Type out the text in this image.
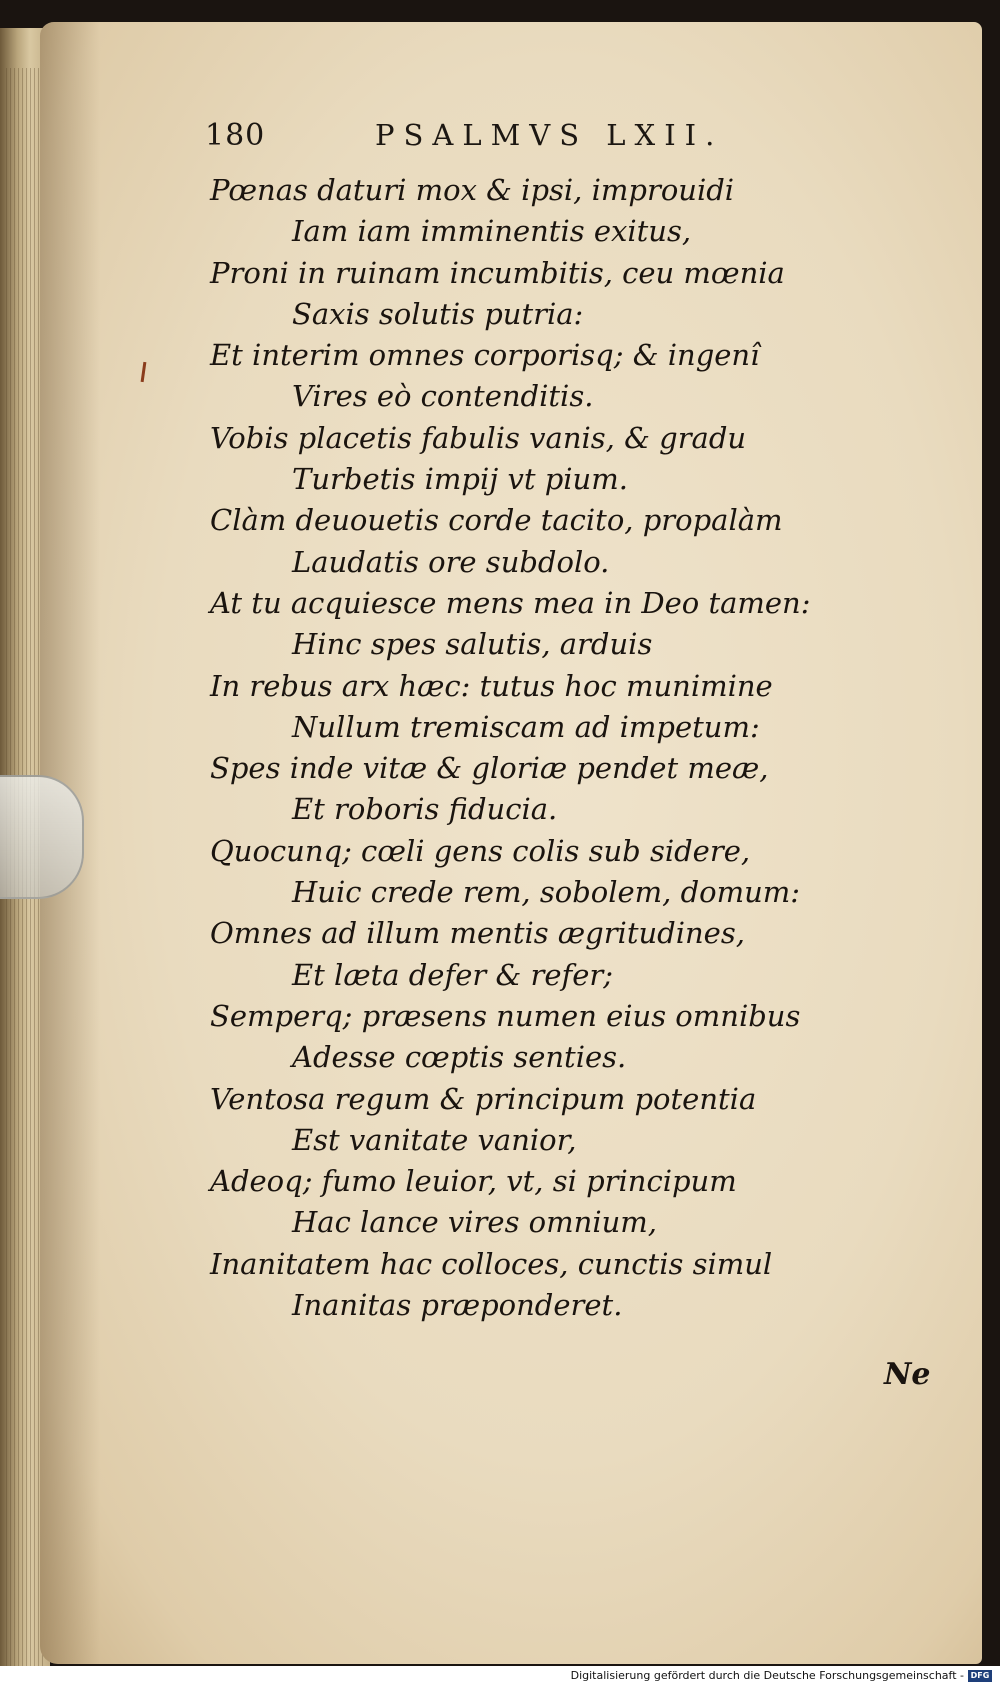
180	PSALMVS LXII.
Pœnas daturi mox & ipsi, improuidi
Iam iam imminentis exitus,
Proni in ruinam incumbitis, ceu mœnia
Saxis solutis putria:
Et interim omnes corporisq; & ingenî
Vires eò contenditis.
Vobis placetis fabulis vanis, & gradu
Turbetis impij vt pium.
Clàm deuouetis corde tacito, propalàm
Laudatis ore subdolo.
At tu acquiesce mens mea in Deo tamen:
Hinc spes salutis, arduis
In rebus arx hæc: tutus hoc munimine
Nullum tremiscam ad impetum:
Spes inde vitæ & gloriæ pendet meæ,
Et roboris fiducia.
Quocunq; cœli gens colis sub sidere,
Huic crede rem, sobolem, domum:
Omnes ad illum mentis ægritudines,
Et læta defer & refer;
Semperq; præsens numen eius omnibus
Adesse cœptis senties.
Ventosa regum & principum potentia
Est vanitate vanior,
Adeoq; fumo leuior, vt, si principum
Hac lance vires omnium,
Inanitatem hac colloces, cunctis simul
Inanitas præponderet.
Ne
Digitalisierung gefördert durch die Deutsche Forschungsgemeinschaft - DFG
